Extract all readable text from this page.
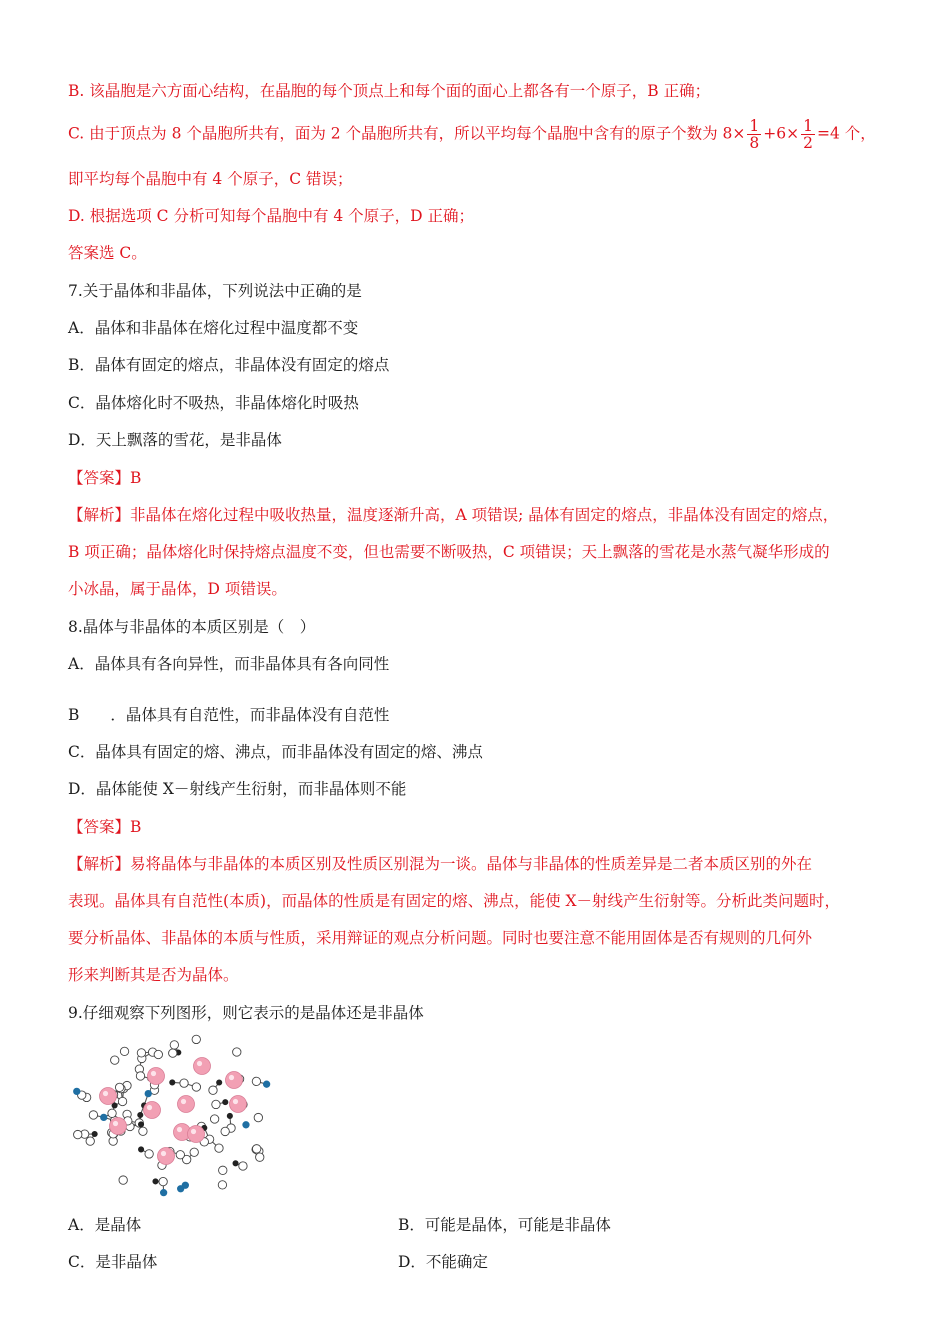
B. 该晶胞是六方面心结构，在晶胞的每个顶点上和每个面的面心上都各有一个原子，B 正确；
C. 由于顶点为 8 个晶胞所共有，面为 2 个晶胞所共有，所以平均每个晶胞中含有的原子个数为 $8\times \frac{1}{8} +6\times \frac{1}{2} =4$ 个，
即平均每个晶胞中有 4 个原子，C 错误；
D. 根据选项 C 分析可知每个晶胞中有 4 个原子，D 正确；
答案选 C。
7.关于晶体和非晶体，下列说法中正确的是
A．晶体和非晶体在熔化过程中温度都不变
B．晶体有固定的熔点，非晶体没有固定的熔点
C．晶体熔化时不吸热，非晶体熔化时吸热
D．天上飘落的雪花，是非晶体
【答案】B
【解析】非晶体在熔化过程中吸收热量，温度逐渐升高，A 项错误; 晶体有固定的熔点，非晶体没有固定的熔点，
B 项正确；晶体熔化时保持熔点温度不变，但也需要不断吸热，C 项错误；天上飘落的雪花是水蒸气凝华形成的
小冰晶，属于晶体，D 项错误。
8.晶体与非晶体的本质区别是（　）
A．晶体具有各向异性，而非晶体具有各向同性
B　　．晶体具有自范性，而非晶体没有自范性
C．晶体具有固定的熔、沸点，而非晶体没有固定的熔、沸点
D．晶体能使 X－射线产生衍射，而非晶体则不能
【答案】B
【解析】易将晶体与非晶体的本质区别及性质区别混为一谈。晶体与非晶体的性质差异是二者本质区别的外在
表现。晶体具有自范性(本质)，而晶体的性质是有固定的熔、沸点，能使 X－射线产生衍射等。分析此类问题时，
要分析晶体、非晶体的本质与性质，采用辩证的观点分析问题。同时也要注意不能用固体是否有规则的几何外
形来判断其是否为晶体。
9.仔细观察下列图形，则它表示的是晶体还是非晶体
A．是晶体	B．可能是晶体，可能是非晶体
C．是非晶体	D．不能确定
